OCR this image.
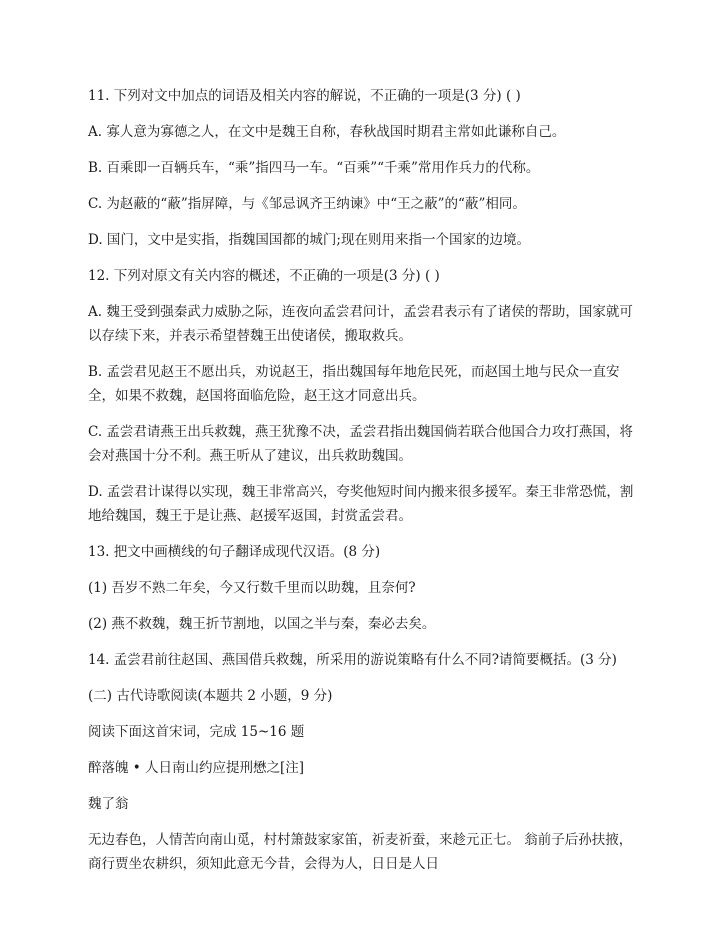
11. 下列对文中加点的词语及相关内容的解说，不正确的一项是(3 分) ( )

A. 寡人意为寡德之人，在文中是魏王自称，春秋战国时期君主常如此谦称自己。

B. 百乘即一百辆兵车，“乘”指四马一车。“百乘”“千乘”常用作兵力的代称。

C. 为赵蔽的“蔽”指屏障，与《邹忌讽齐王纳谏》中“王之蔽”的“蔽”相同。

D. 国门，文中是实指，指魏国国都的城门;现在则用来指一个国家的边境。

12. 下列对原文有关内容的概述，不正确的一项是(3 分) ( )

A. 魏王受到强秦武力威胁之际，连夜向孟尝君问计，孟尝君表示有了诸侯的帮助，国家就可以存续下来，并表示希望替魏王出使诸侯，搬取救兵。

B. 孟尝君见赵王不愿出兵，劝说赵王，指出魏国每年地危民死，而赵国土地与民众一直安全，如果不救魏，赵国将面临危险，赵王这才同意出兵。

C. 孟尝君请燕王出兵救魏，燕王犹豫不决，孟尝君指出魏国倘若联合他国合力攻打燕国，将会对燕国十分不利。燕王听从了建议，出兵救助魏国。

D. 孟尝君计谋得以实现，魏王非常高兴，夸奖他短时间内搬来很多援军。秦王非常恐慌，割地给魏国，魏王于是让燕、赵援军返国，封赏孟尝君。

13. 把文中画横线的句子翻译成现代汉语。(8 分)

(1) 吾岁不熟二年矣，今又行数千里而以助魏，且奈何?

(2) 燕不救魏，魏王折节割地，以国之半与秦，秦必去矣。

14. 孟尝君前往赵国、燕国借兵救魏，所采用的游说策略有什么不同?请简要概括。(3 分)

(二) 古代诗歌阅读(本题共 2 小题，9 分)

阅读下面这首宋词，完成 15~16 题

醉落魄 • 人日南山约应提刑懋之[注]

魏了翁

无边春色，人情苦向南山觅，村村箫鼓家家笛，祈麦祈蚕，来趁元正七。 翁前子后孙扶掖，商行贾坐农耕织，须知此意无今昔，会得为人，日日是人日
